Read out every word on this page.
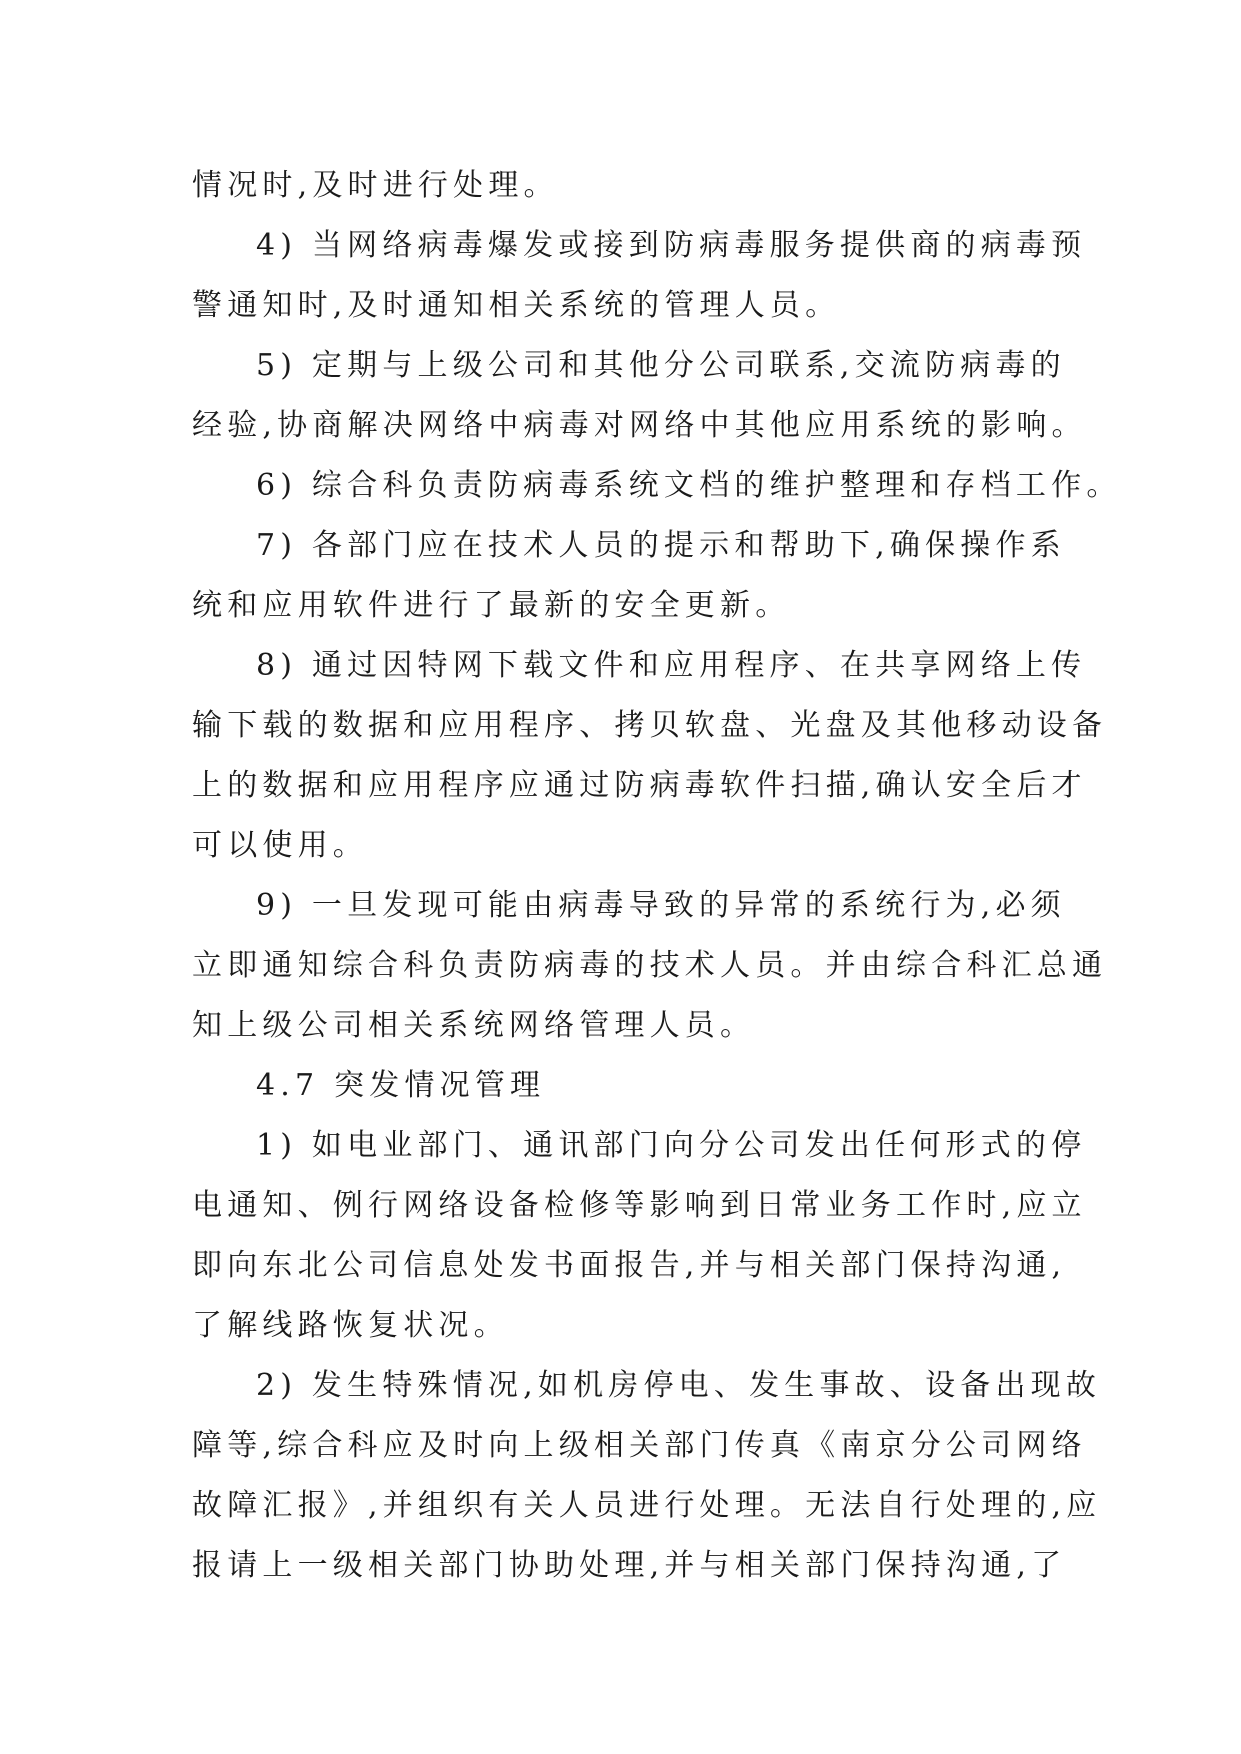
情况时,及时进行处理。
4) 当网络病毒爆发或接到防病毒服务提供商的病毒预
警通知时,及时通知相关系统的管理人员。
5) 定期与上级公司和其他分公司联系,交流防病毒的
经验,协商解决网络中病毒对网络中其他应用系统的影响。
6) 综合科负责防病毒系统文档的维护整理和存档工作。
7) 各部门应在技术人员的提示和帮助下,确保操作系
统和应用软件进行了最新的安全更新。
8) 通过因特网下载文件和应用程序、在共享网络上传
输下载的数据和应用程序、拷贝软盘、光盘及其他移动设备
上的数据和应用程序应通过防病毒软件扫描,确认安全后才
可以使用。
9) 一旦发现可能由病毒导致的异常的系统行为,必须
立即通知综合科负责防病毒的技术人员。并由综合科汇总通
知上级公司相关系统网络管理人员。
4.7 突发情况管理
1) 如电业部门、通讯部门向分公司发出任何形式的停
电通知、例行网络设备检修等影响到日常业务工作时,应立
即向东北公司信息处发书面报告,并与相关部门保持沟通,
了解线路恢复状况。
2) 发生特殊情况,如机房停电、发生事故、设备出现故
障等,综合科应及时向上级相关部门传真《南京分公司网络
故障汇报》,并组织有关人员进行处理。无法自行处理的,应
报请上一级相关部门协助处理,并与相关部门保持沟通,了
